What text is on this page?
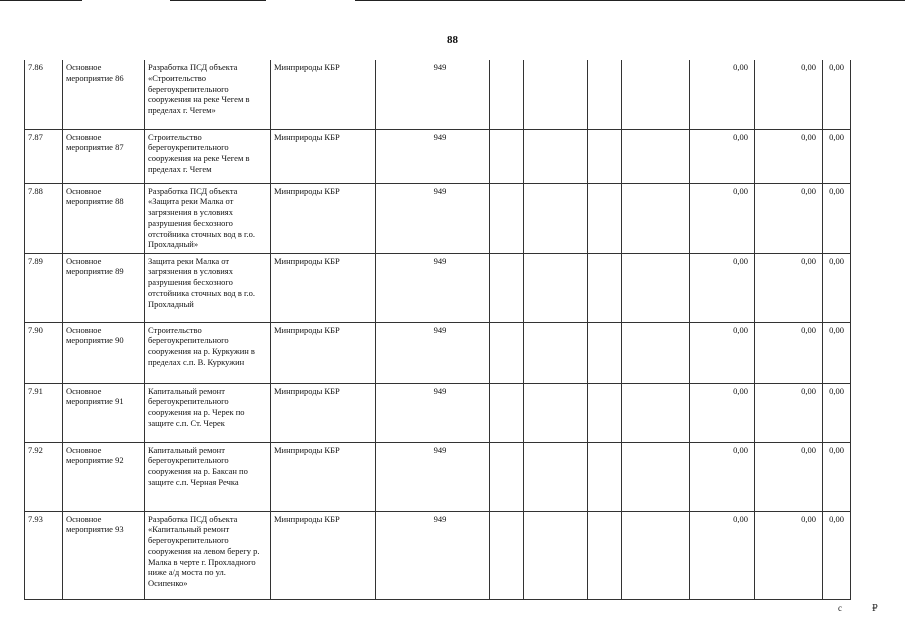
88
7.86	Основное мероприятие 86	Разработка ПСД объекта «Строительство берегоукрепительного сооружения на реке Чегем в пределах г. Чегем»	Минприроды КБР	949					0,00	0,00	0,00
7.87	Основное мероприятие 87	Строительство берегоукрепительного сооружения на реке Чегем в пределах г. Чегем	Минприроды КБР	949					0,00	0,00	0,00
7.88	Основное мероприятие 88	Разработка ПСД объекта «Защита реки Малка от загрязнения в условиях разрушения бесхозного отстойника сточных вод в г.о. Прохладный»	Минприроды КБР	949					0,00	0,00	0,00
7.89	Основное мероприятие 89	Защита реки Малка от загрязнения в условиях разрушения бесхозного отстойника сточных вод в г.о. Прохладный	Минприроды КБР	949					0,00	0,00	0,00
7.90	Основное мероприятие 90	Строительство берегоукрепительного сооружения на р. Куркужин в пределах с.п. В. Куркужин	Минприроды КБР	949					0,00	0,00	0,00
7.91	Основное мероприятие 91	Капитальный ремонт берегоукрепительного сооружения на р. Черек по защите с.п. Ст. Черек	Минприроды КБР	949					0,00	0,00	0,00
7.92	Основное мероприятие 92	Капитальный ремонт берегоукрепительного сооружения на р. Баксан по защите с.п. Черная Речка	Минприроды КБР	949					0,00	0,00	0,00
7.93	Основное мероприятие 93	Разработка ПСД объекта «Капитальный ремонт берегоукрепительного сооружения на левом берегу р. Малка в черте г. Прохладного ниже а/д моста по ул. Осипенко»	Минприроды КБР	949					0,00	0,00	0,00
с	₽
